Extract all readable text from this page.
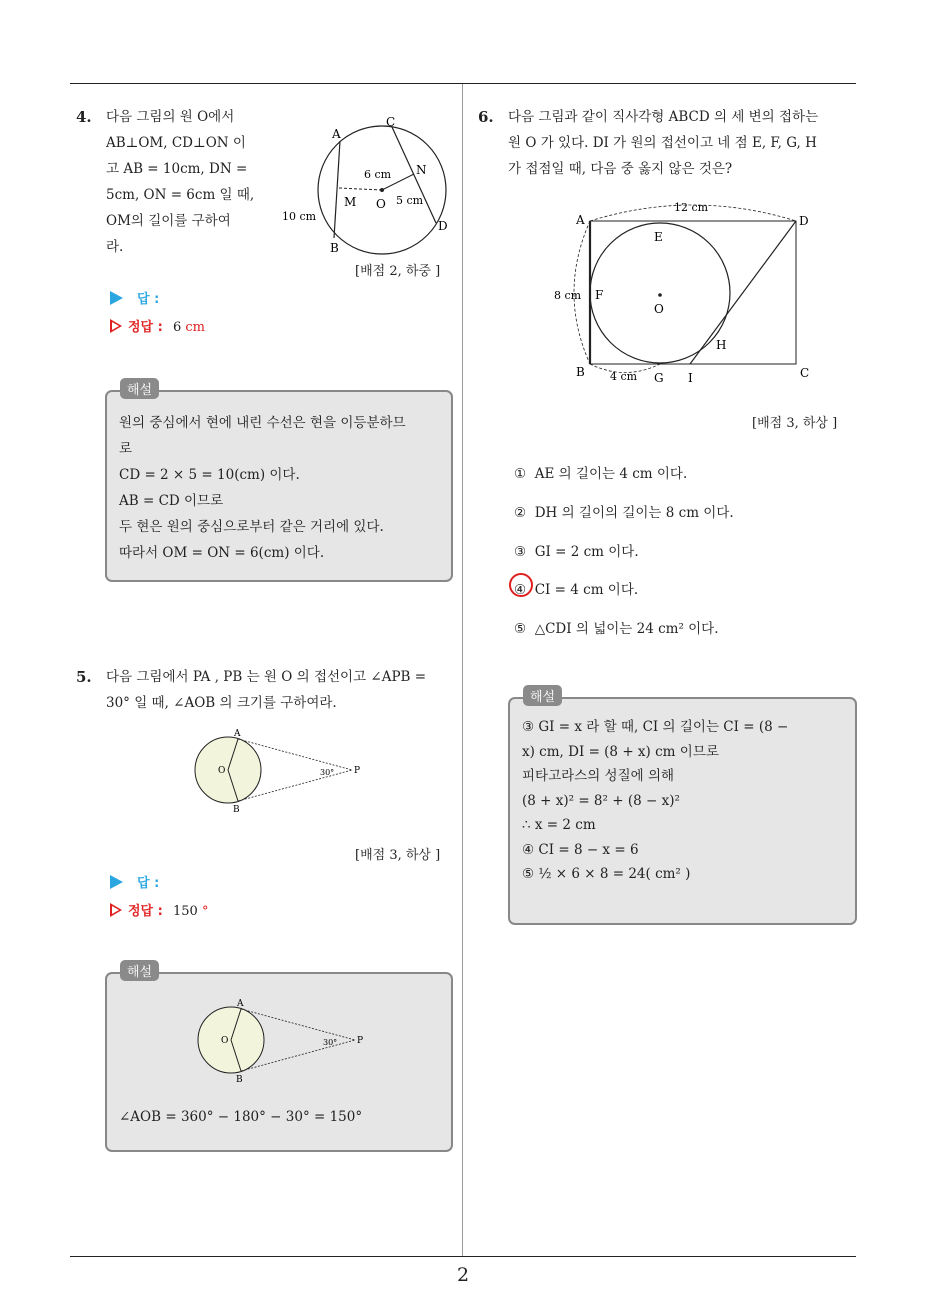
2
4. 다음 그림의 원 O에서
AB⊥OM, CD⊥ON 이
고 AB = 10cm, DN =
5cm, ON = 6cm 일 때,
OM의 길이를 구하여
라.
A
B
C
D
M
N
O
6 cm
5 cm
10 cm
[배점 2, 하중 ]
답 :
정답 : 6 cm
원의 중심에서 현에 내린 수선은 현을 이등분하므
로
CD = 2 × 5 = 10(cm) 이다.
AB = CD 이므로
두 현은 원의 중심으로부터 같은 거리에 있다.
따라서 OM = ON = 6(cm) 이다.
해설
5. 다음 그림에서 PA , PB 는 원 O 의 접선이고 ∠APB =
30° 일 때, ∠AOB 의 크기를 구하여라.
A
B
O	P
30°
[배점 3, 하상 ]
답 :
정답 : 150 °
A
B
O	P
30°
∠AOB = 360° − 180° − 30° = 150°
해설
6. 다음 그림과 같이 직사각형 ABCD 의 세 변의 접하는
원 O 가 있다. DI 가 원의 접선이고 네 점 E, F, G, H
가 접점일 때, 다음 중 옳지 않은 것은?
A
B	C
D
E
F
G
H
I
O
12 cm
8 cm
4 cm
[배점 3, 하상 ]
① AE 의 길이는 4 cm 이다.
② DH 의 길이의 길이는 8 cm 이다.
③ GI = 2 cm 이다.
④ CI = 4 cm 이다.
⑤ △CDI 의 넓이는 24 cm² 이다.
③ GI = x 라 할 때, CI 의 길이는 CI = (8 −
x) cm, DI = (8 + x) cm 이므로
피타고라스의 성질에 의해
(8 + x)² = 8² + (8 − x)²
∴ x = 2 cm
④ CI = 8 − x = 6
⑤ ½ × 6 × 8 = 24( cm² )
해설
